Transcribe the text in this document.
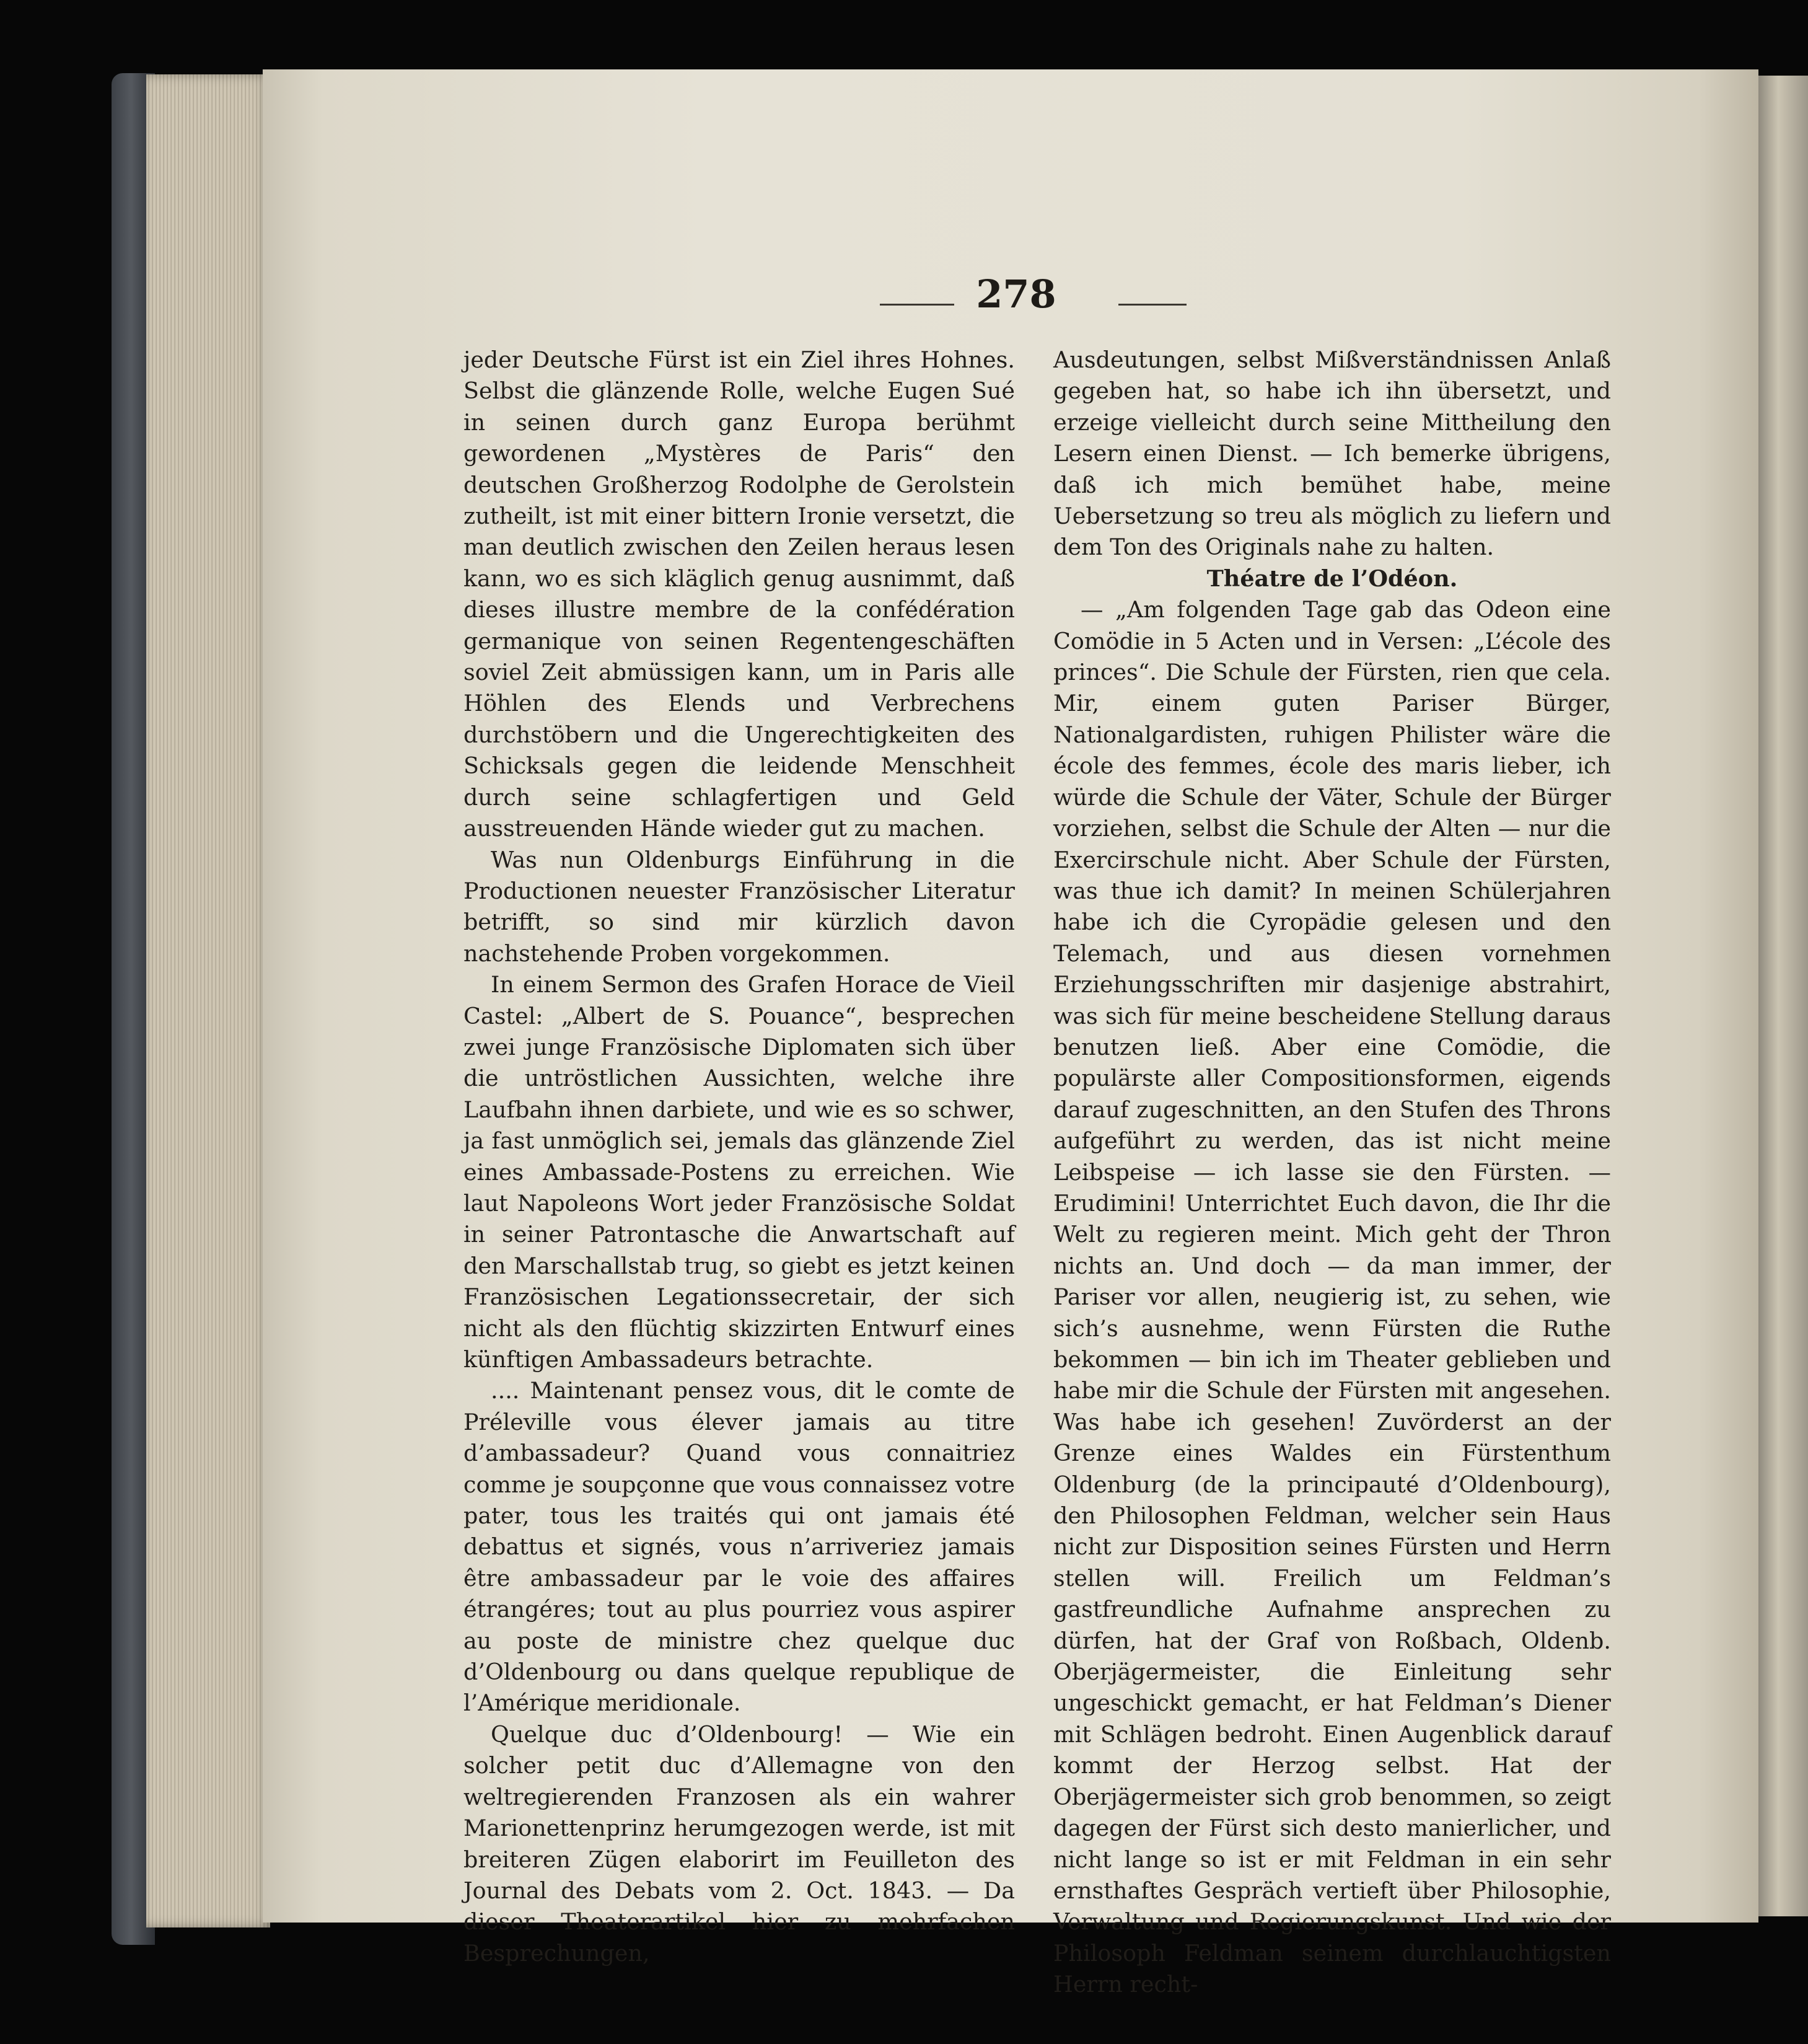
278

jeder Deutsche Fürst ist ein Ziel ihres Hohnes. Selbst die glänzende Rolle, welche Eugen Sué in seinen durch ganz Europa berühmt gewordenen „Mystères de Paris“ den deutschen Großherzog Rodolphe de Gerolstein zutheilt, ist mit einer bittern Ironie versetzt, die man deutlich zwischen den Zeilen heraus lesen kann, wo es sich kläglich genug ausnimmt, daß dieses illustre membre de la confédération germanique von seinen Regentengeschäften soviel Zeit abmüssigen kann, um in Paris alle Höhlen des Elends und Verbrechens durchstöbern und die Ungerechtigkeiten des Schicksals gegen die leidende Menschheit durch seine schlagfertigen und Geld ausstreuenden Hände wieder gut zu machen.

Was nun Oldenburgs Einführung in die Productionen neuester Französischer Literatur betrifft, so sind mir kürzlich davon nachstehende Proben vorgekommen.

In einem Sermon des Grafen Horace de Vieil Castel: „Albert de S. Pouance“, besprechen zwei junge Französische Diplomaten sich über die untröstlichen Aussichten, welche ihre Laufbahn ihnen darbiete, und wie es so schwer, ja fast unmöglich sei, jemals das glänzende Ziel eines Ambassade-Postens zu erreichen. Wie laut Napoleons Wort jeder Französische Soldat in seiner Patrontasche die Anwartschaft auf den Marschallstab trug, so giebt es jetzt keinen Französischen Legationssecretair, der sich nicht als den flüchtig skizzirten Entwurf eines künftigen Ambassadeurs betrachte.

.... Maintenant pensez vous, dit le comte de Préleville vous élever jamais au titre d’ambassadeur? Quand vous connaitriez comme je soupçonne que vous connaissez votre pater, tous les traités qui ont jamais été debattus et signés, vous n’arriveriez jamais être ambassadeur par le voie des affaires étrangéres; tout au plus pourriez vous aspirer au poste de ministre chez quelque duc d’Oldenbourg ou dans quelque republique de l’Amérique meridionale.

Quelque duc d’Oldenbourg! — Wie ein solcher petit duc d’Allemagne von den weltregierenden Franzosen als ein wahrer Marionettenprinz herumgezogen werde, ist mit breiteren Zügen elaborirt im Feuilleton des Journal des Debats vom 2. Oct. 1843. — Da dieser Theaterartikel hier zu mehrfachen Besprechungen,

Ausdeutungen, selbst Mißverständnissen Anlaß gegeben hat, so habe ich ihn übersetzt, und erzeige vielleicht durch seine Mittheilung den Lesern einen Dienst. — Ich bemerke übrigens, daß ich mich bemühet habe, meine Uebersetzung so treu als möglich zu liefern und dem Ton des Originals nahe zu halten.

Théatre de l’Odéon.

— „Am folgenden Tage gab das Odeon eine Comödie in 5 Acten und in Versen: „L’école des princes“. Die Schule der Fürsten, rien que cela. Mir, einem guten Pariser Bürger, Nationalgardisten, ruhigen Philister wäre die école des femmes, école des maris lieber, ich würde die Schule der Väter, Schule der Bürger vorziehen, selbst die Schule der Alten — nur die Exercirschule nicht. Aber Schule der Fürsten, was thue ich damit? In meinen Schülerjahren habe ich die Cyropädie gelesen und den Telemach, und aus diesen vornehmen Erziehungsschriften mir dasjenige abstrahirt, was sich für meine bescheidene Stellung daraus benutzen ließ. Aber eine Comödie, die populärste aller Compositionsformen, eigends darauf zugeschnitten, an den Stufen des Throns aufgeführt zu werden, das ist nicht meine Leibspeise — ich lasse sie den Fürsten. — Erudimini! Unterrichtet Euch davon, die Ihr die Welt zu regieren meint. Mich geht der Thron nichts an. Und doch — da man immer, der Pariser vor allen, neugierig ist, zu sehen, wie sich’s ausnehme, wenn Fürsten die Ruthe bekommen — bin ich im Theater geblieben und habe mir die Schule der Fürsten mit angesehen. Was habe ich gesehen! Zuvörderst an der Grenze eines Waldes ein Fürstenthum Oldenburg (de la principauté d’Oldenbourg), den Philosophen Feldman, welcher sein Haus nicht zur Disposition seines Fürsten und Herrn stellen will. Freilich um Feldman’s gastfreundliche Aufnahme ansprechen zu dürfen, hat der Graf von Roßbach, Oldenb. Oberjägermeister, die Einleitung sehr ungeschickt gemacht, er hat Feldman’s Diener mit Schlägen bedroht. Einen Augenblick darauf kommt der Herzog selbst. Hat der Oberjägermeister sich grob benommen, so zeigt dagegen der Fürst sich desto manierlicher, und nicht lange so ist er mit Feldman in ein sehr ernsthaftes Gespräch vertieft über Philosophie, Verwaltung und Regierungskunst. Und wie der Philosoph Feldman seinem durchlauchtigsten Herrn recht-
